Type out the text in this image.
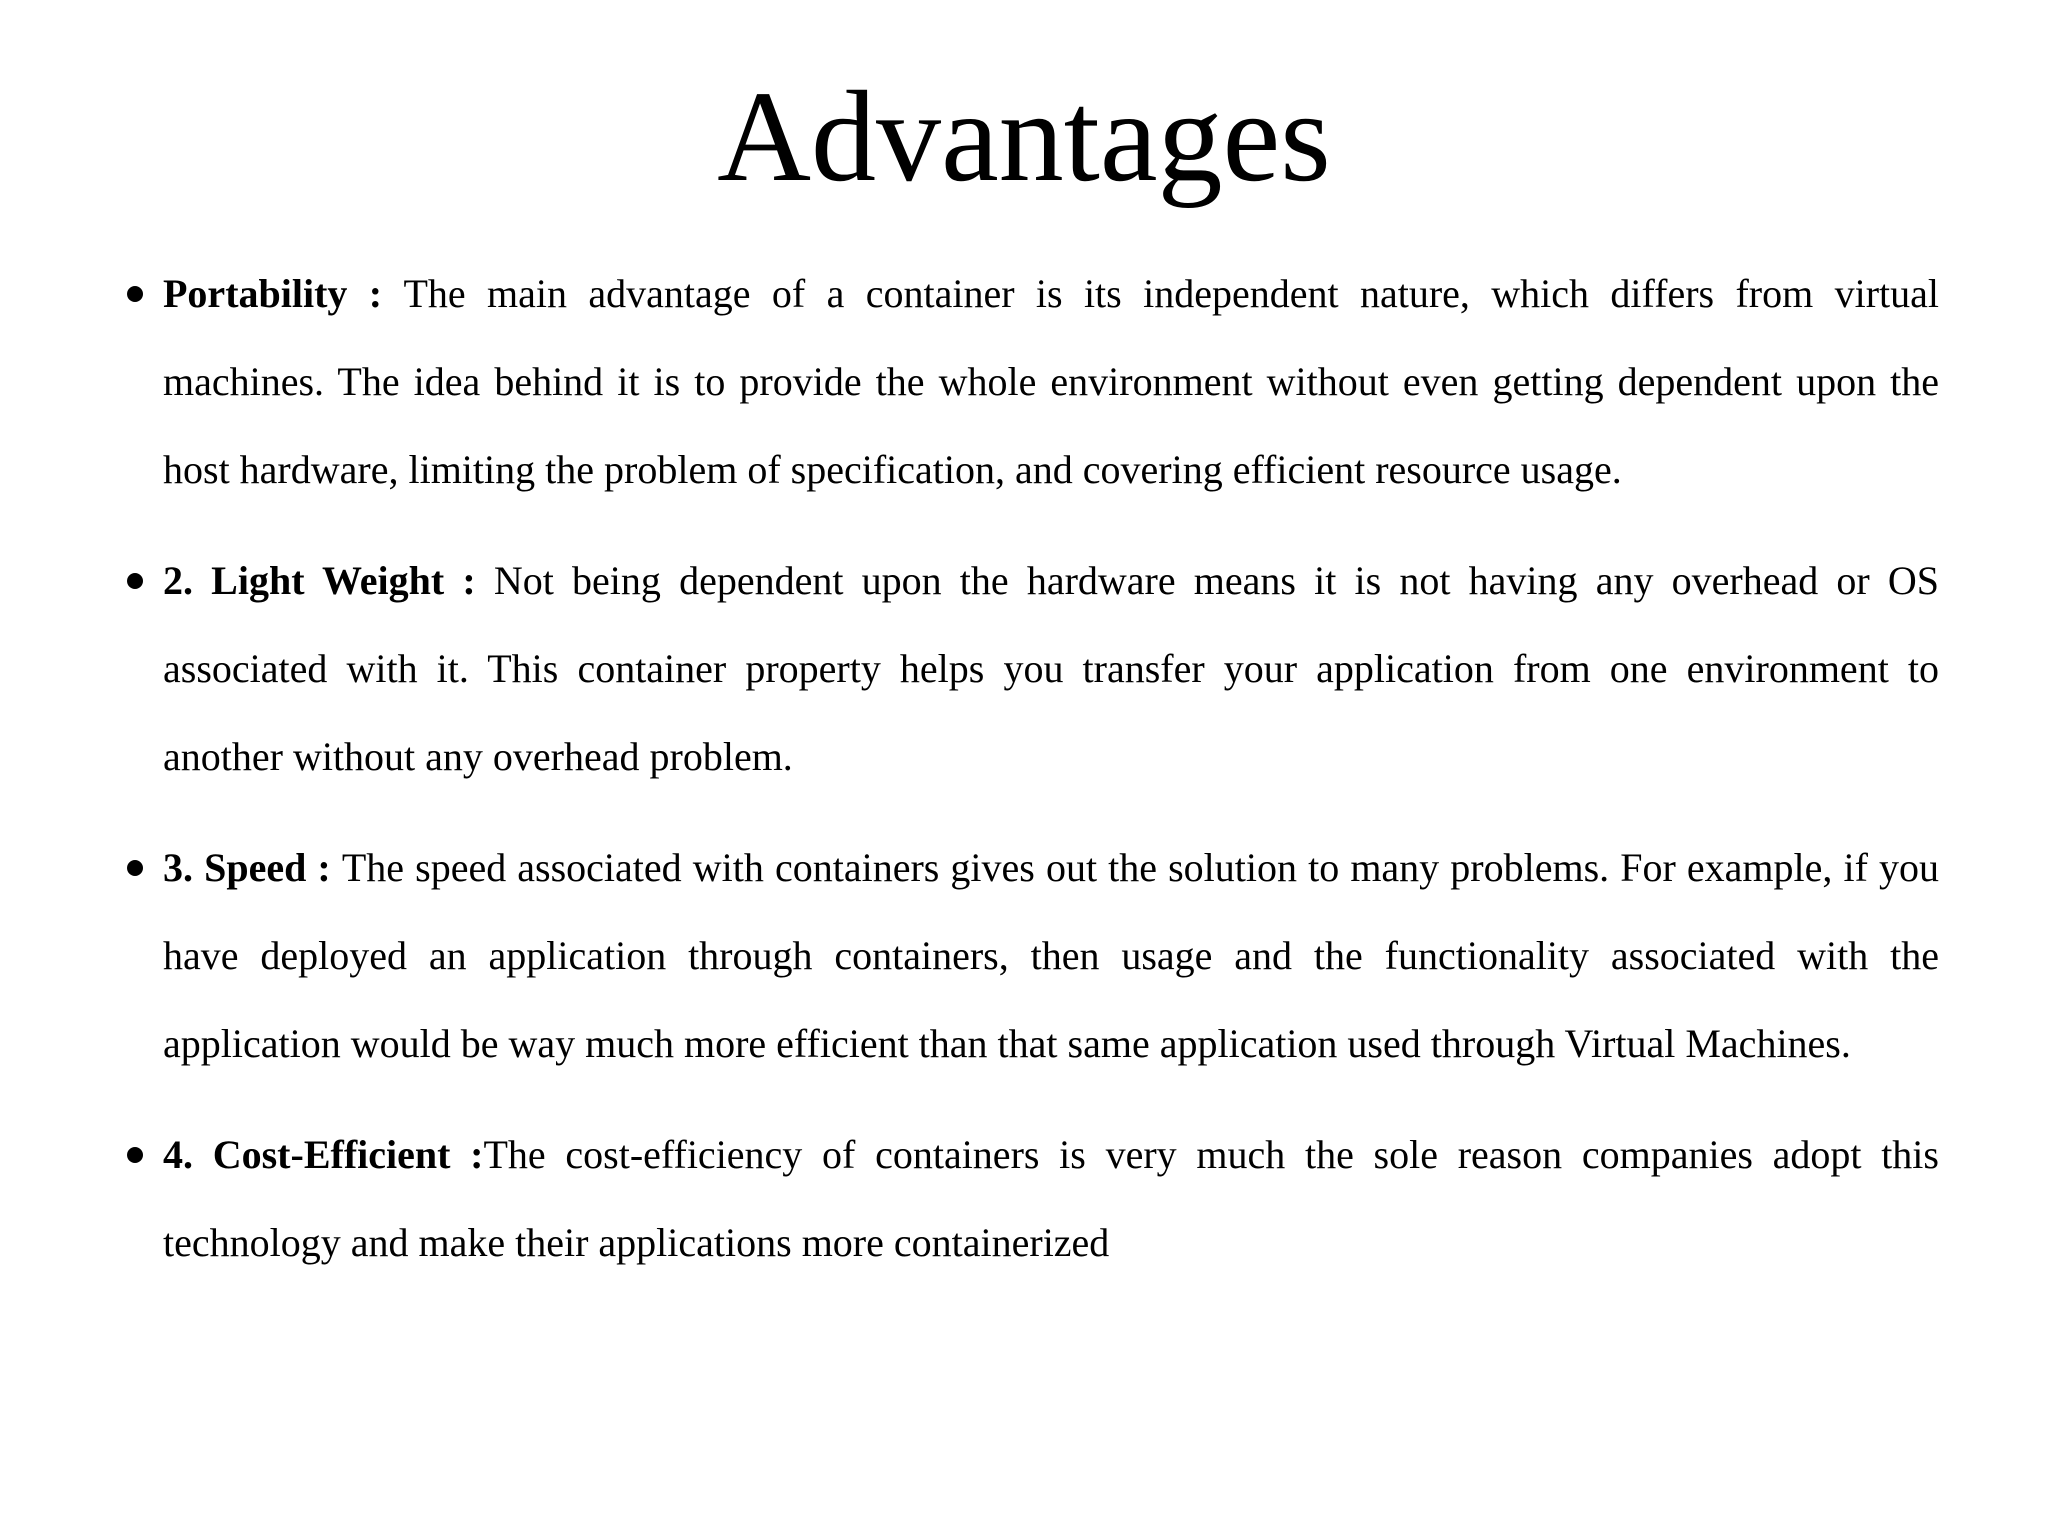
Advantages
Portability : The main advantage of a container is its independent nature, which differs from virtual machines. The idea behind it is to provide the whole environment without even getting dependent upon the host hardware, limiting the problem of specification, and covering efficient resource usage.
2. Light Weight : Not being dependent upon the hardware means it is not having any overhead or OS associated with it. This container property helps you transfer your application from one environment to another without any overhead problem.
3. Speed : The speed associated with containers gives out the solution to many problems. For example, if you have deployed an application through containers, then usage and the functionality associated with the application would be way much more efficient than that same application used through Virtual Machines.
4. Cost-Efficient :The cost-efficiency of containers is very much the sole reason companies adopt this technology and make their applications more containerized
